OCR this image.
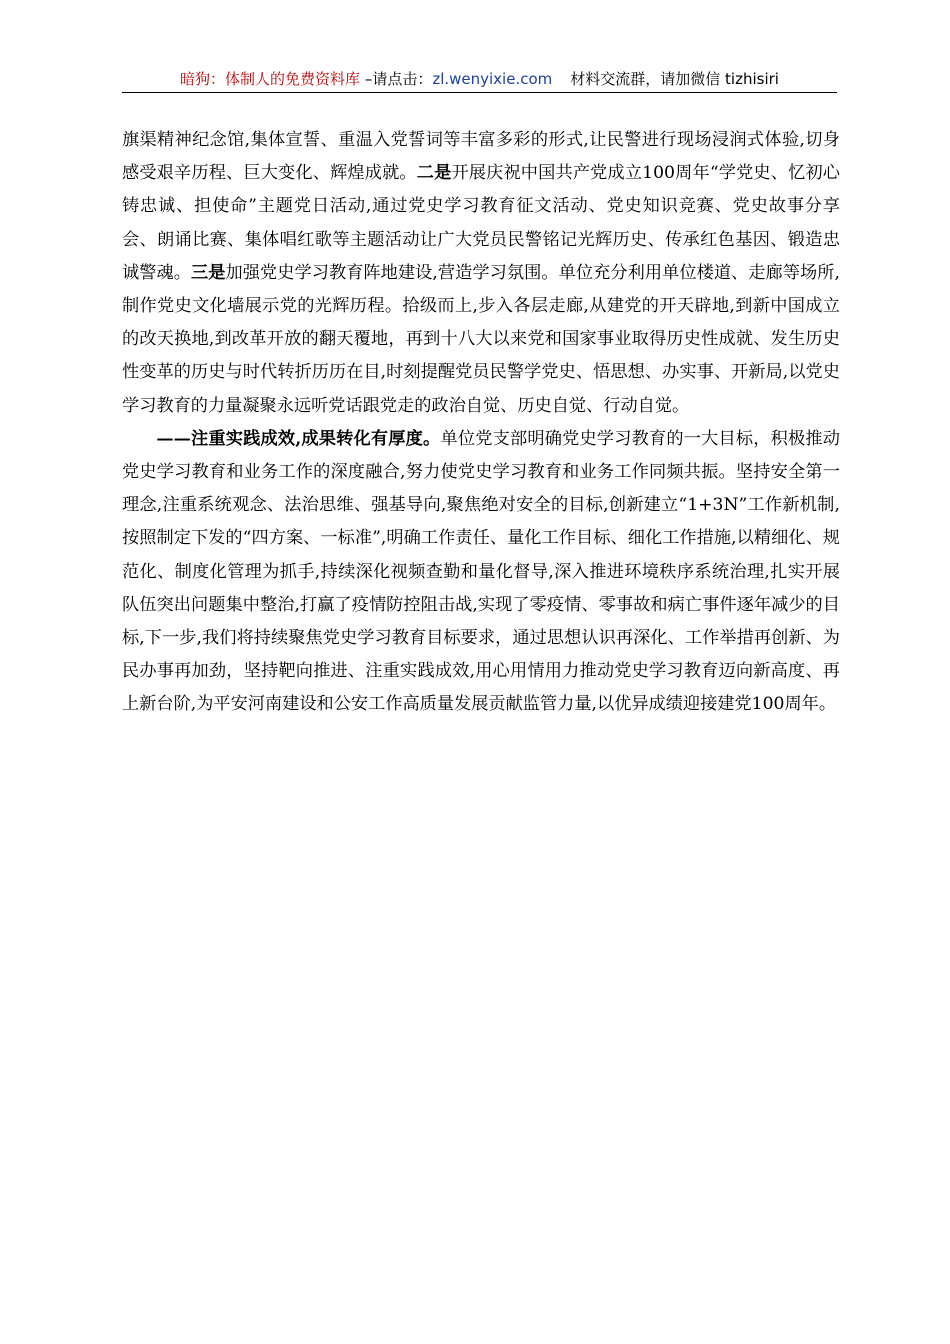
暗狗：体制人的免费资料库 –请点击：zl.wenyixie.com 材料交流群，请加微信 tizhisiri

旗渠精神纪念馆,集体宣誓、重温入党誓词等丰富多彩的形式,让民警进行现场浸润式体验,切身感受艰辛历程、巨大变化、辉煌成就。二是开展庆祝中国共产党成立100周年“学党史、忆初心铸忠诚、担使命”主题党日活动,通过党史学习教育征文活动、党史知识竞赛、党史故事分享会、朗诵比赛、集体唱红歌等主题活动让广大党员民警铭记光辉历史、传承红色基因、锻造忠诚警魂。三是加强党史学习教育阵地建设,营造学习氛围。单位充分利用单位楼道、走廊等场所,制作党史文化墙展示党的光辉历程。拾级而上,步入各层走廊,从建党的开天辟地,到新中国成立的改天换地,到改革开放的翻天覆地，再到十八大以来党和国家事业取得历史性成就、发生历史性变革的历史与时代转折历历在目,时刻提醒党员民警学党史、悟思想、办实事、开新局,以党史学习教育的力量凝聚永远听党话跟党走的政治自觉、历史自觉、行动自觉。

——注重实践成效,成果转化有厚度。单位党支部明确党史学习教育的一大目标，积极推动党史学习教育和业务工作的深度融合,努力使党史学习教育和业务工作同频共振。坚持安全第一理念,注重系统观念、法治思维、强基导向,聚焦绝对安全的目标,创新建立“1+3N”工作新机制,按照制定下发的“四方案、一标准”,明确工作责任、量化工作目标、细化工作措施,以精细化、规范化、制度化管理为抓手,持续深化视频查勤和量化督导,深入推进环境秩序系统治理,扎实开展队伍突出问题集中整治,打赢了疫情防控阻击战,实现了零疫情、零事故和病亡事件逐年减少的目标,下一步,我们将持续聚焦党史学习教育目标要求，通过思想认识再深化、工作举措再创新、为民办事再加劲，坚持靶向推进、注重实践成效,用心用情用力推动党史学习教育迈向新高度、再上新台阶,为平安河南建设和公安工作高质量发展贡献监管力量,以优异成绩迎接建党100周年。
